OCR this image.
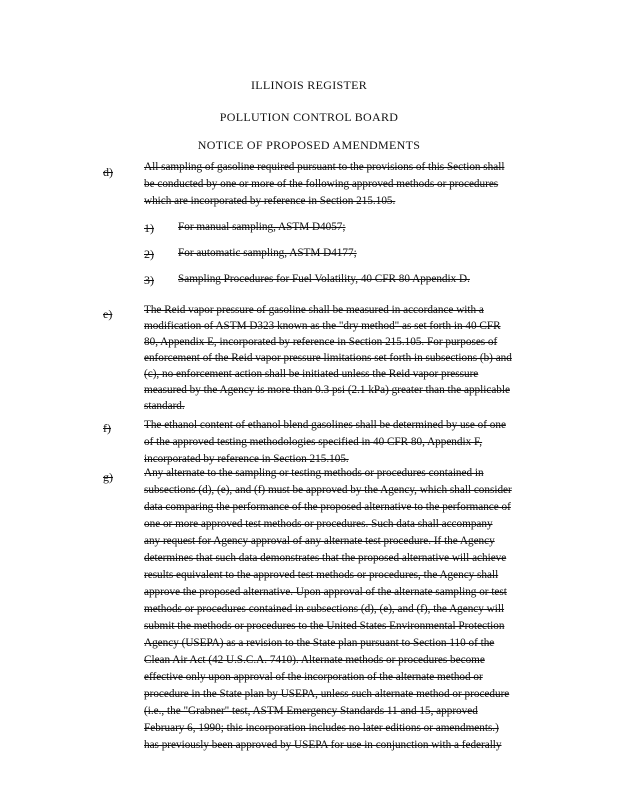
ILLINOIS REGISTER
POLLUTION CONTROL BOARD
NOTICE OF PROPOSED AMENDMENTS
d)	All sampling of gasoline required pursuant to the provisions of this Section shall
be conducted by one or more of the following approved methods or procedures
which are incorporated by reference in Section 215.105.
1) For manual sampling, ASTM D4057;
2) For automatic sampling, ASTM D4177;
3) Sampling Procedures for Fuel Volatility, 40 CFR 80 Appendix D.
e)	The Reid vapor pressure of gasoline shall be measured in accordance with a
modification of ASTM D323 known as the "dry method" as set forth in 40 CFR
80, Appendix E, incorporated by reference in Section 215.105. For purposes of
enforcement of the Reid vapor pressure limitations set forth in subsections (b) and
(c), no enforcement action shall be initiated unless the Reid vapor pressure
measured by the Agency is more than 0.3 psi (2.1 kPa) greater than the applicable
standard.
f)	The ethanol content of ethanol blend gasolines shall be determined by use of one
of the approved testing methodologies specified in 40 CFR 80, Appendix F,
incorporated by reference in Section 215.105.
g)	Any alternate to the sampling or testing methods or procedures contained in
subsections (d), (e), and (f) must be approved by the Agency, which shall consider
data comparing the performance of the proposed alternative to the performance of
one or more approved test methods or procedures. Such data shall accompany
any request for Agency approval of any alternate test procedure. If the Agency
determines that such data demonstrates that the proposed alternative will achieve
results equivalent to the approved test methods or procedures, the Agency shall
approve the proposed alternative. Upon approval of the alternate sampling or test
methods or procedures contained in subsections (d), (e), and (f), the Agency will
submit the methods or procedures to the United States Environmental Protection
Agency (USEPA) as a revision to the State plan pursuant to Section 110 of the
Clean Air Act (42 U.S.C.A. 7410). Alternate methods or procedures become
effective only upon approval of the incorporation of the alternate method or
procedure in the State plan by USEPA, unless such alternate method or procedure
(i.e., the "Grabner" test, ASTM Emergency Standards 11 and 15, approved
February 6, 1990; this incorporation includes no later editions or amendments.)
has previously been approved by USEPA for use in conjunction with a federally
